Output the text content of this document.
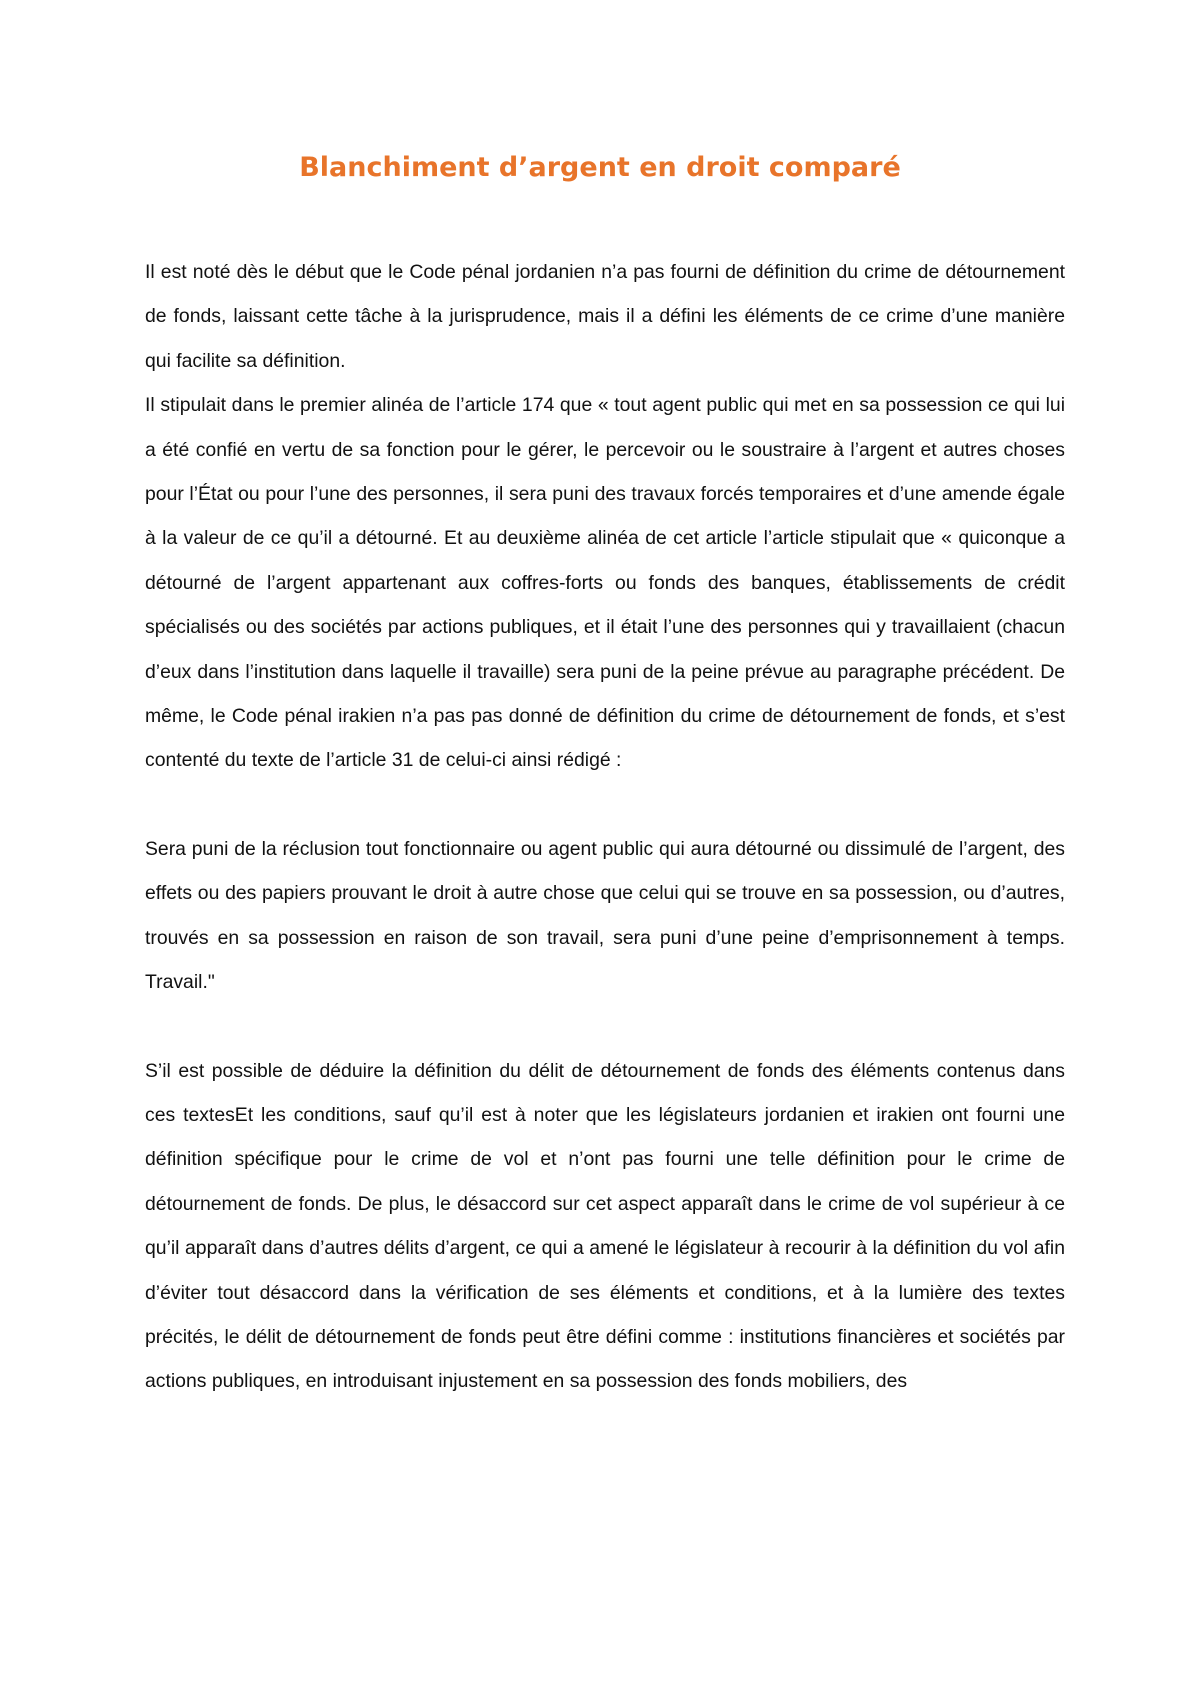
Blanchiment d’argent en droit comparé

Il est noté dès le début que le Code pénal jordanien n’a pas fourni de définition du crime de détournement de fonds, laissant cette tâche à la jurisprudence, mais il a défini les éléments de ce crime d’une manière qui facilite sa définition.

Il stipulait dans le premier alinéa de l’article 174 que « tout agent public qui met en sa possession ce qui lui a été confié en vertu de sa fonction pour le gérer, le percevoir ou le soustraire à l’argent et autres choses pour l’État ou pour l’une des personnes, il sera puni des travaux forcés temporaires et d’une amende égale à la valeur de ce qu’il a détourné. Et au deuxième alinéa de cet article l’article stipulait que « quiconque a détourné de l’argent appartenant aux coffres-forts ou fonds des banques, établissements de crédit spécialisés ou des sociétés par actions publiques, et il était l’une des personnes qui y travaillaient (chacun d’eux dans l’institution dans laquelle il travaille) sera puni de la peine prévue au paragraphe précédent. De même, le Code pénal irakien n’a pas pas donné de définition du crime de détournement de fonds, et s’est contenté du texte de l’article 31 de celui-ci ainsi rédigé :

Sera puni de la réclusion tout fonctionnaire ou agent public qui aura détourné ou dissimulé de l’argent, des effets ou des papiers prouvant le droit à autre chose que celui qui se trouve en sa possession, ou d’autres, trouvés en sa possession en raison de son travail, sera puni d’une peine d’emprisonnement à temps. Travail."

S’il est possible de déduire la définition du délit de détournement de fonds des éléments contenus dans ces textesEt les conditions, sauf qu’il est à noter que les législateurs jordanien et irakien ont fourni une définition spécifique pour le crime de vol et n’ont pas fourni une telle définition pour le crime de détournement de fonds. De plus, le désaccord sur cet aspect apparaît dans le crime de vol supérieur à ce qu’il apparaît dans d’autres délits d’argent, ce qui a amené le législateur à recourir à la définition du vol afin d’éviter tout désaccord dans la vérification de ses éléments et conditions, et à la lumière des textes précités, le délit de détournement de fonds peut être défini comme : institutions financières et sociétés par actions publiques, en introduisant injustement en sa possession des fonds mobiliers, des
